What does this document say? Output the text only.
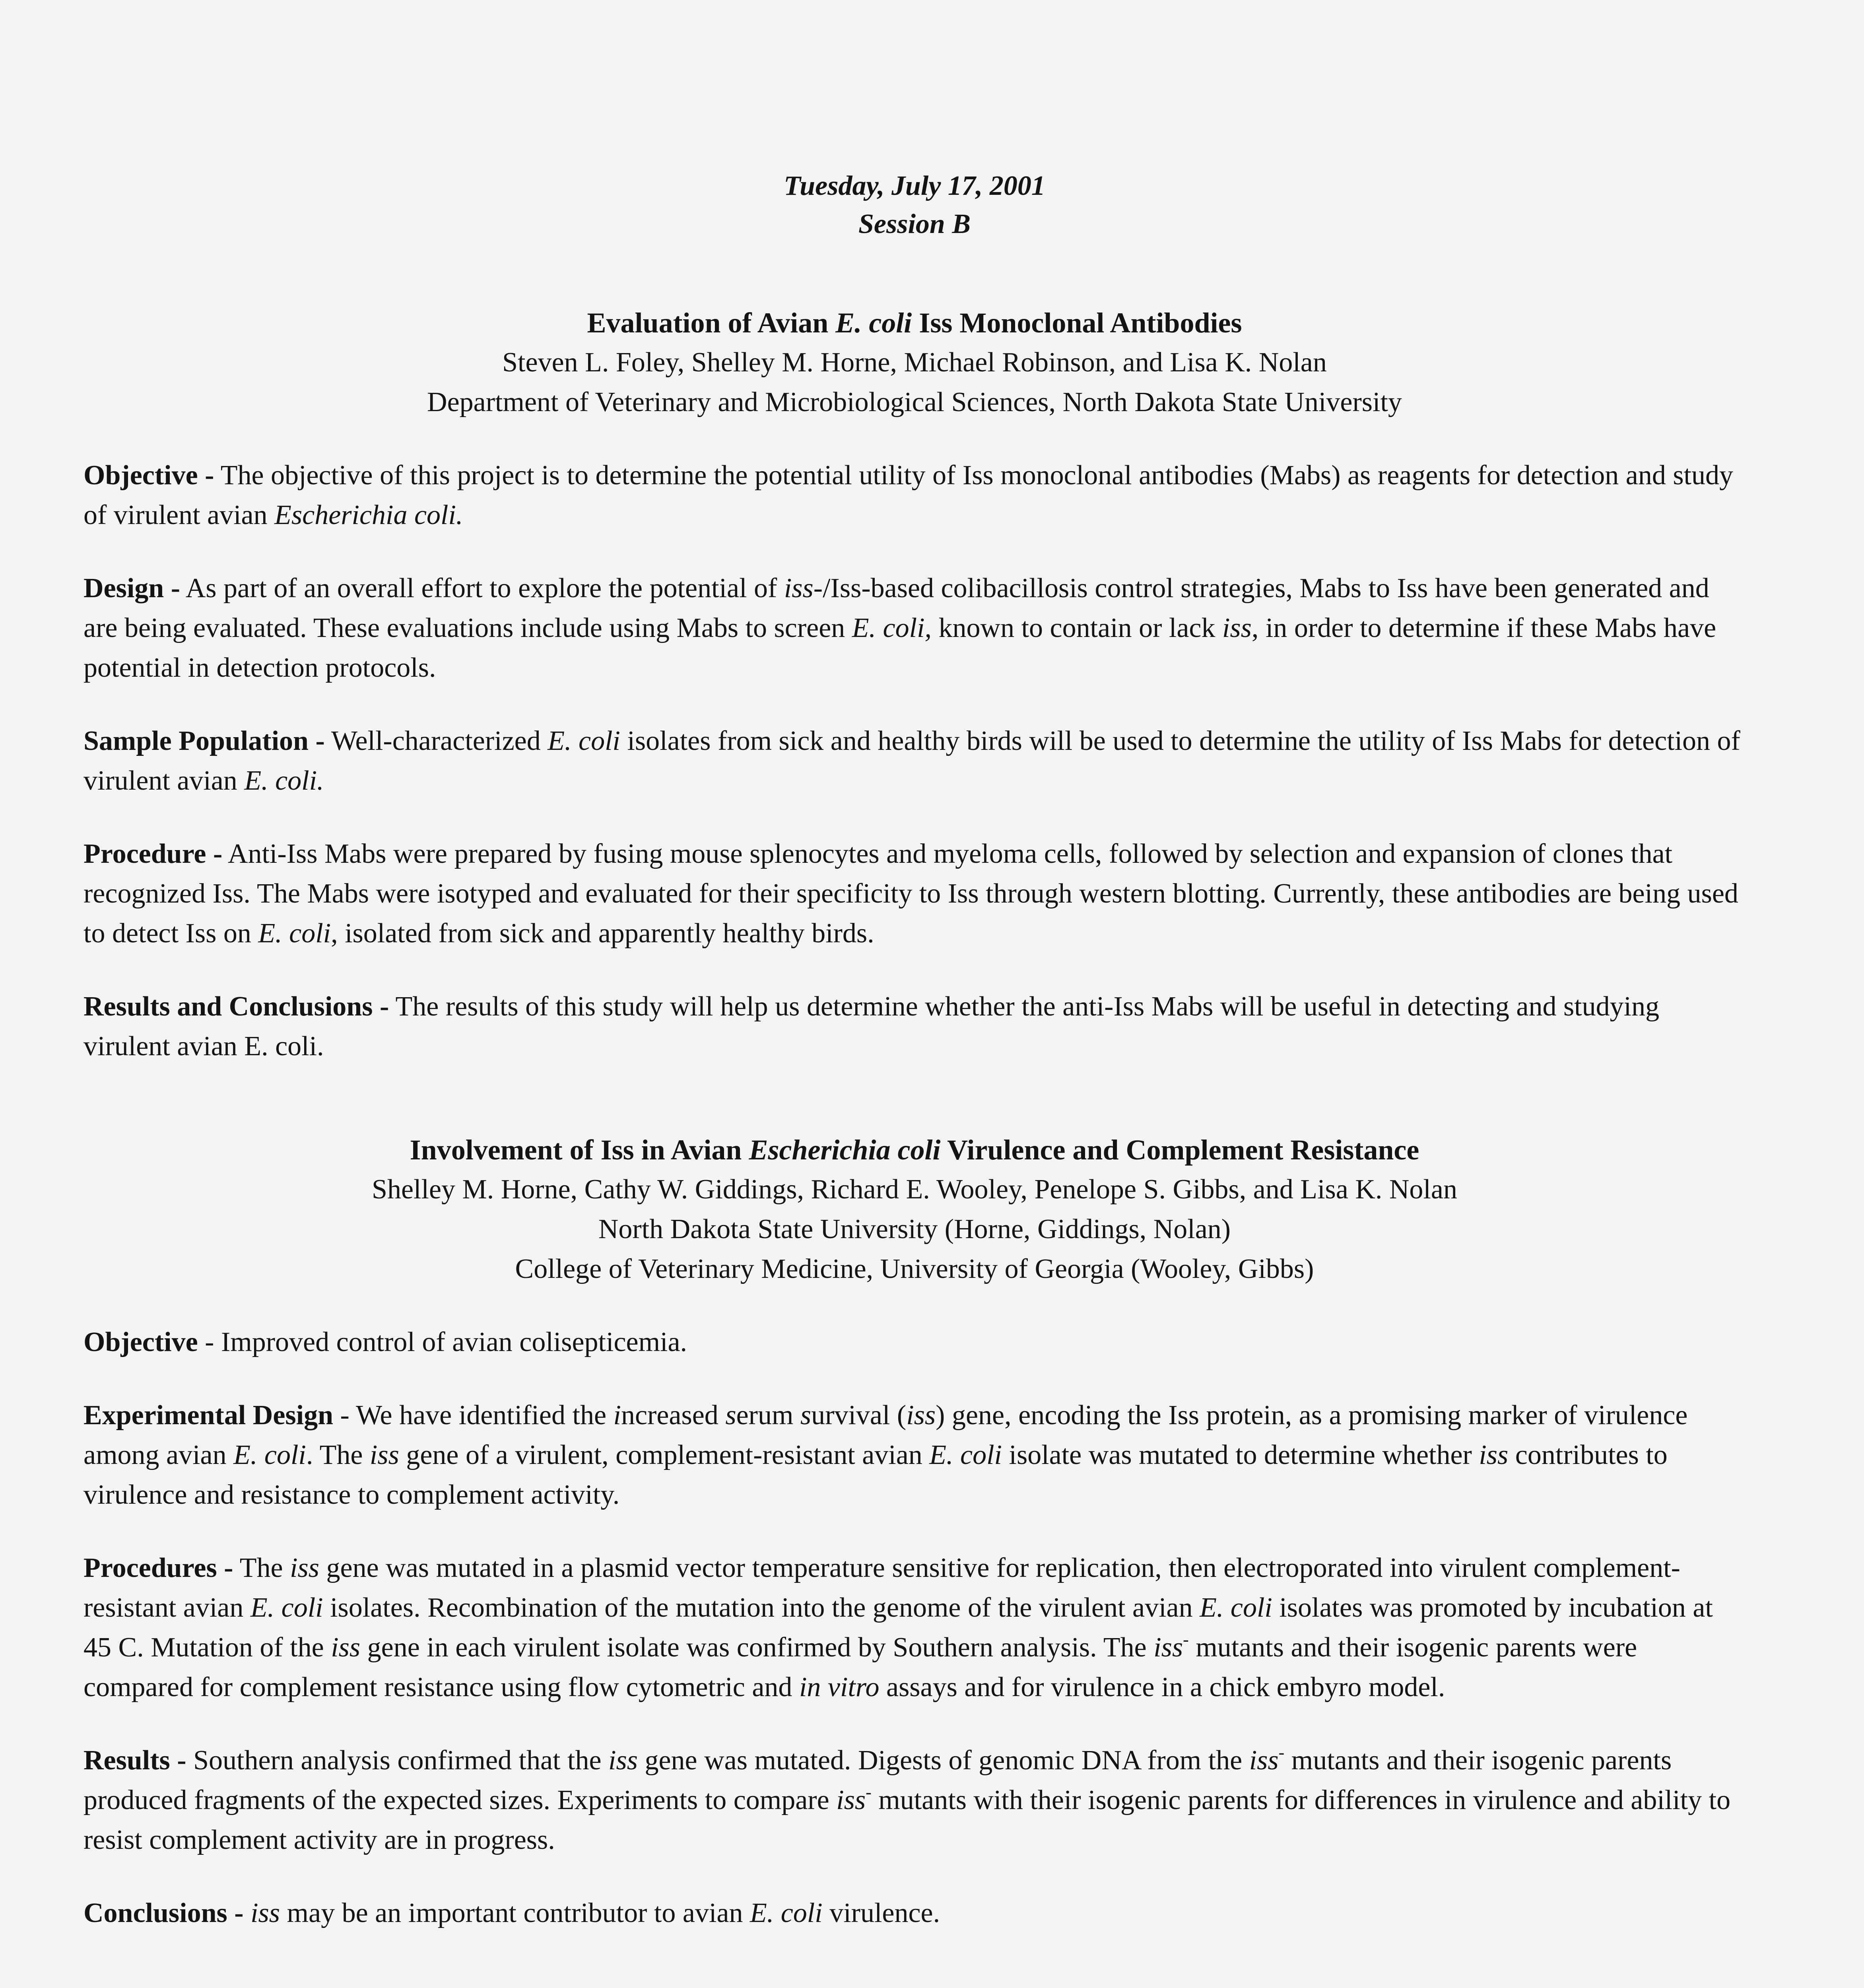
Tuesday, July 17, 2001
Session B
Evaluation of Avian E. coli Iss Monoclonal Antibodies
Steven L. Foley, Shelley M. Horne, Michael Robinson, and Lisa K. Nolan
Department of Veterinary and Microbiological Sciences, North Dakota State University

Objective - The objective of this project is to determine the potential utility of Iss monoclonal antibodies (Mabs) as reagents for detection and study of virulent avian Escherichia coli.

Design - As part of an overall effort to explore the potential of iss-/Iss-based colibacillosis control strategies, Mabs to Iss have been generated and are being evaluated. These evaluations include using Mabs to screen E. coli, known to contain or lack iss, in order to determine if these Mabs have potential in detection protocols.

Sample Population - Well-characterized E. coli isolates from sick and healthy birds will be used to determine the utility of Iss Mabs for detection of virulent avian E. coli.

Procedure - Anti-Iss Mabs were prepared by fusing mouse splenocytes and myeloma cells, followed by selection and expansion of clones that recognized Iss. The Mabs were isotyped and evaluated for their specificity to Iss through western blotting. Currently, these antibodies are being used to detect Iss on E. coli, isolated from sick and apparently healthy birds.

Results and Conclusions - The results of this study will help us determine whether the anti-Iss Mabs will be useful in detecting and studying virulent avian E. coli.

Involvement of Iss in Avian Escherichia coli Virulence and Complement Resistance
Shelley M. Horne, Cathy W. Giddings, Richard E. Wooley, Penelope S. Gibbs, and Lisa K. Nolan
North Dakota State University (Horne, Giddings, Nolan)
College of Veterinary Medicine, University of Georgia (Wooley, Gibbs)

Objective - Improved control of avian colisepticemia.

Experimental Design - We have identified the increased serum survival (iss) gene, encoding the Iss protein, as a promising marker of virulence among avian E. coli. The iss gene of a virulent, complement-resistant avian E. coli isolate was mutated to determine whether iss contributes to virulence and resistance to complement activity.

Procedures - The iss gene was mutated in a plasmid vector temperature sensitive for replication, then electroporated into virulent complement-resistant avian E. coli isolates. Recombination of the mutation into the genome of the virulent avian E. coli isolates was promoted by incubation at 45 C. Mutation of the iss gene in each virulent isolate was confirmed by Southern analysis. The iss- mutants and their isogenic parents were compared for complement resistance using flow cytometric and in vitro assays and for virulence in a chick embyro model.

Results - Southern analysis confirmed that the iss gene was mutated. Digests of genomic DNA from the iss- mutants and their isogenic parents produced fragments of the expected sizes. Experiments to compare iss- mutants with their isogenic parents for differences in virulence and ability to resist complement activity are in progress.

Conclusions - iss may be an important contributor to avian E. coli virulence.
